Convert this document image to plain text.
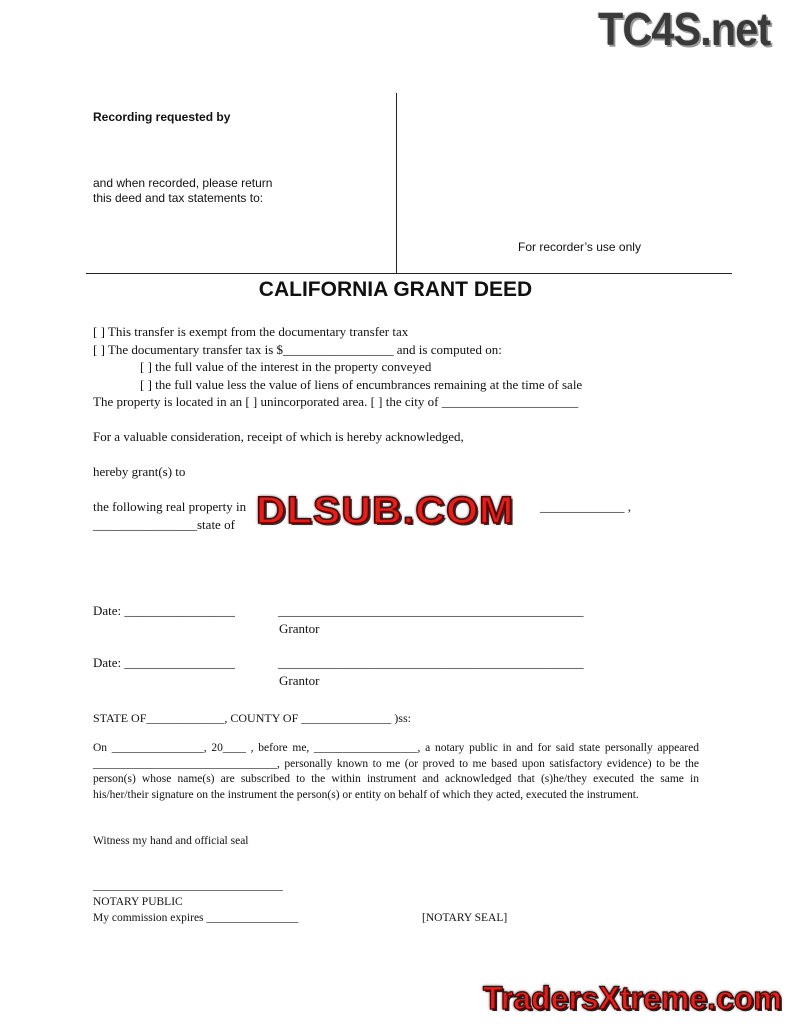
TC4S.net
DLSUB.COM
TradersXtreme.com
Recording requested by
and when recorded, please return
this deed and tax statements to:
For recorder’s use only
CALIFORNIA GRANT DEED
[ ] This transfer is exempt from the documentary transfer tax
[ ] The documentary transfer tax is $_________________ and is computed on:
[ ] the full value of the interest in the property conveyed
[ ] the full value less the value of liens of encumbrances remaining at the time of sale
The property is located in an [ ] unincorporated area. [ ] the city of _____________________
For a valuable consideration, receipt of which is hereby acknowledged,
hereby grant(s) to
the following real property in	_____________ ,
________________state of
Date: _________________	_______________________________________________
Grantor
Date: _________________	_______________________________________________
Grantor
STATE OF_____________, COUNTY OF _______________ )ss:
On ________________, 20____ , before me, __________________, a notary public in and for said state personally appeared ________________________________, personally known to me (or proved to me based upon satisfactory evidence) to be the person(s) whose name(s) are subscribed to the within instrument and acknowledged that (s)he/they executed the same in his/her/their signature on the instrument the person(s) or entity on behalf of which they acted, executed the instrument.
Witness my hand and official seal
_________________________________
NOTARY PUBLIC
My commission expires ________________	[NOTARY SEAL]
